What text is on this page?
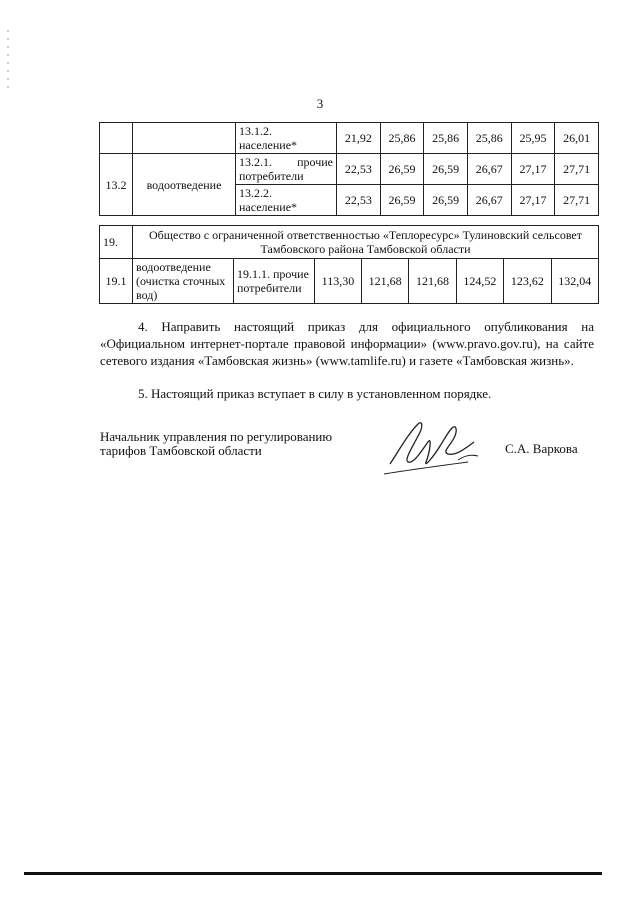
3
		13.1.2. население*	21,92	25,86	25,86	25,86	25,95	26,01
13.2	водоотведение	13.2.1. прочие потребители	22,53	26,59	26,59	26,67	27,17	27,71
		13.2.2. население*	22,53	26,59	26,59	26,67	27,17	27,71
19.	Общество с ограниченной ответственностью «Теплоресурс» Тулиновский сельсовет Тамбовского района Тамбовской области							
19.1	водоотведение (очистка сточных вод)	19.1.1. прочие потребители	113,30	121,68	121,68	124,52	123,62	132,04
4. Направить настоящий приказ для официального опубликования на «Официальном интернет-портале правовой информации» (www.pravo.gov.ru), на сайте сетевого издания «Тамбовская жизнь» (www.tamlife.ru) и газете «Тамбовская жизнь».
5. Настоящий приказ вступает в силу в установленном порядке.
Начальник управления по регулированию
тарифов Тамбовской области	С.А. Варкова
